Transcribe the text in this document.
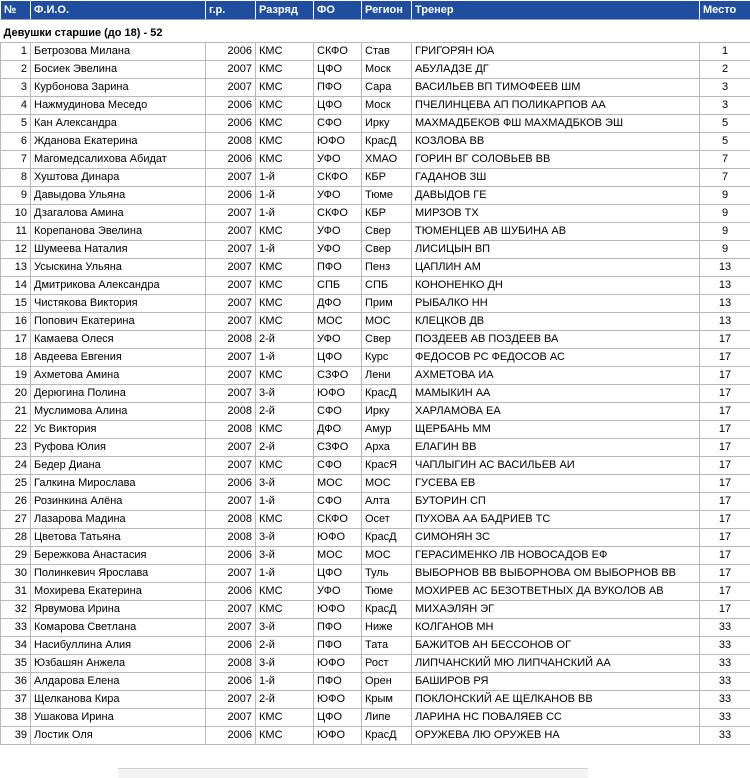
№	Ф.И.О.	г.р.	Разряд	ФО	Регион	Тренер	Место
Девушки старшие (до 18) - 52							
1	Бетрозова Милана	2006	КМС	СКФО	Став	ГРИГОРЯН ЮА	1
2	Босиек Эвелина	2007	КМС	ЦФО	Моск	АБУЛАДЗЕ ДГ	2
3	Курбонова Зарина	2007	КМС	ПФО	Сара	ВАСИЛЬЕВ ВП ТИМОФЕЕВ ШМ	3
4	Нажмудинова Меседо	2006	КМС	ЦФО	Моск	ПЧЕЛИНЦЕВА АП ПОЛИКАРПОВ АА	3
5	Кан Александра	2006	КМС	СФО	Ирку	МАХМАДБЕКОВ ФШ МАХМАДБКОВ ЭШ	5
6	Жданова Екатерина	2008	КМС	ЮФО	КрасД	КОЗЛОВА ВВ	5
7	Магомедсалихова Абидат	2006	КМС	УФО	ХМАО	ГОРИН ВГ СОЛОВЬЕВ ВВ	7
8	Хуштова Динара	2007	1-й	СКФО	КБР	ГАДАНОВ ЗШ	7
9	Давыдова Ульяна	2006	1-й	УФО	Тюме	ДАВЫДОВ ГЕ	9
10	Дзагалова Амина	2007	1-й	СКФО	КБР	МИРЗОВ ТХ	9
11	Корепанова Эвелина	2007	КМС	УФО	Свер	ТЮМЕНЦЕВ АВ ШУБИНА АВ	9
12	Шумеева Наталия	2007	1-й	УФО	Свер	ЛИСИЦЫН ВП	9
13	Усыскина Ульяна	2007	КМС	ПФО	Пенз	ЦАПЛИН АМ	13
14	Дмитрикова Александра	2007	КМС	СПБ	СПБ	КОНОНЕНКО ДН	13
15	Чистякова Виктория	2007	КМС	ДФО	Прим	РЫБАЛКО НН	13
16	Попович Екатерина	2007	КМС	МОС	МОС	КЛЕЦКОВ ДВ	13
17	Камаева Олеся	2008	2-й	УФО	Свер	ПОЗДЕЕВ АВ ПОЗДЕЕВ ВА	17
18	Авдеева Евгения	2007	1-й	ЦФО	Курс	ФЕДОСОВ РС ФЕДОСОВ АС	17
19	Ахметова Амина	2007	КМС	СЗФО	Лени	АХМЕТОВА ИА	17
20	Дерюгина Полина	2007	3-й	ЮФО	КрасД	МАМЫКИН АА	17
21	Муслимова Алина	2008	2-й	СФО	Ирку	ХАРЛАМОВА ЕА	17
22	Ус Виктория	2008	КМС	ДФО	Амур	ЩЕРБАНЬ ММ	17
23	Руфова Юлия	2007	2-й	СЗФО	Арха	ЕЛАГИН ВВ	17
24	Бедер Диана	2007	КМС	СФО	КрасЯ	ЧАПЛЫГИН АС ВАСИЛЬЕВ АИ	17
25	Галкина Мирослава	2006	3-й	МОС	МОС	ГУСЕВА ЕВ	17
26	Розинкина Алёна	2007	1-й	СФО	Алта	БУТОРИН СП	17
27	Лазарова Мадина	2008	КМС	СКФО	Осет	ПУХОВА АА БАДРИЕВ ТС	17
28	Цветова Татьяна	2008	3-й	ЮФО	КрасД	СИМОНЯН ЗС	17
29	Бережкова Анастасия	2006	3-й	МОС	МОС	ГЕРАСИМЕНКО ЛВ НОВОСАДОВ ЕФ	17
30	Полинкевич Ярослава	2007	1-й	ЦФО	Туль	ВЫБОРНОВ ВВ ВЫБОРНОВА ОМ ВЫБОРНОВ ВВ	17
31	Мохирева Екатерина	2006	КМС	УФО	Тюме	МОХИРЕВ АС БЕЗОТВЕТНЫХ ДА ВУКОЛОВ АВ	17
32	Ярвумова Ирина	2007	КМС	ЮФО	КрасД	МИХАЭЛЯН ЭГ	17
33	Комарова Светлана	2007	3-й	ПФО	Ниже	КОЛГАНОВ МН	33
34	Насибуллина Алия	2006	2-й	ПФО	Тата	БАЖИТОВ АН БЕССОНОВ ОГ	33
35	Юзбашян Анжела	2008	3-й	ЮФО	Рост	ЛИПЧАНСКИЙ МЮ ЛИПЧАНСКИЙ АА	33
36	Алдарова Елена	2006	1-й	ПФО	Орен	БАШИРОВ РЯ	33
37	Щелканова Кира	2007	2-й	ЮФО	Крым	ПОКЛОНСКИЙ АЕ ЩЕЛКАНОВ ВВ	33
38	Ушакова Ирина	2007	КМС	ЦФО	Липе	ЛАРИНА НС ПОВАЛЯЕВ СС	33
39	Лостик Оля	2006	КМС	ЮФО	КрасД	ОРУЖЕВА ЛЮ ОРУЖЕВ НА	33
